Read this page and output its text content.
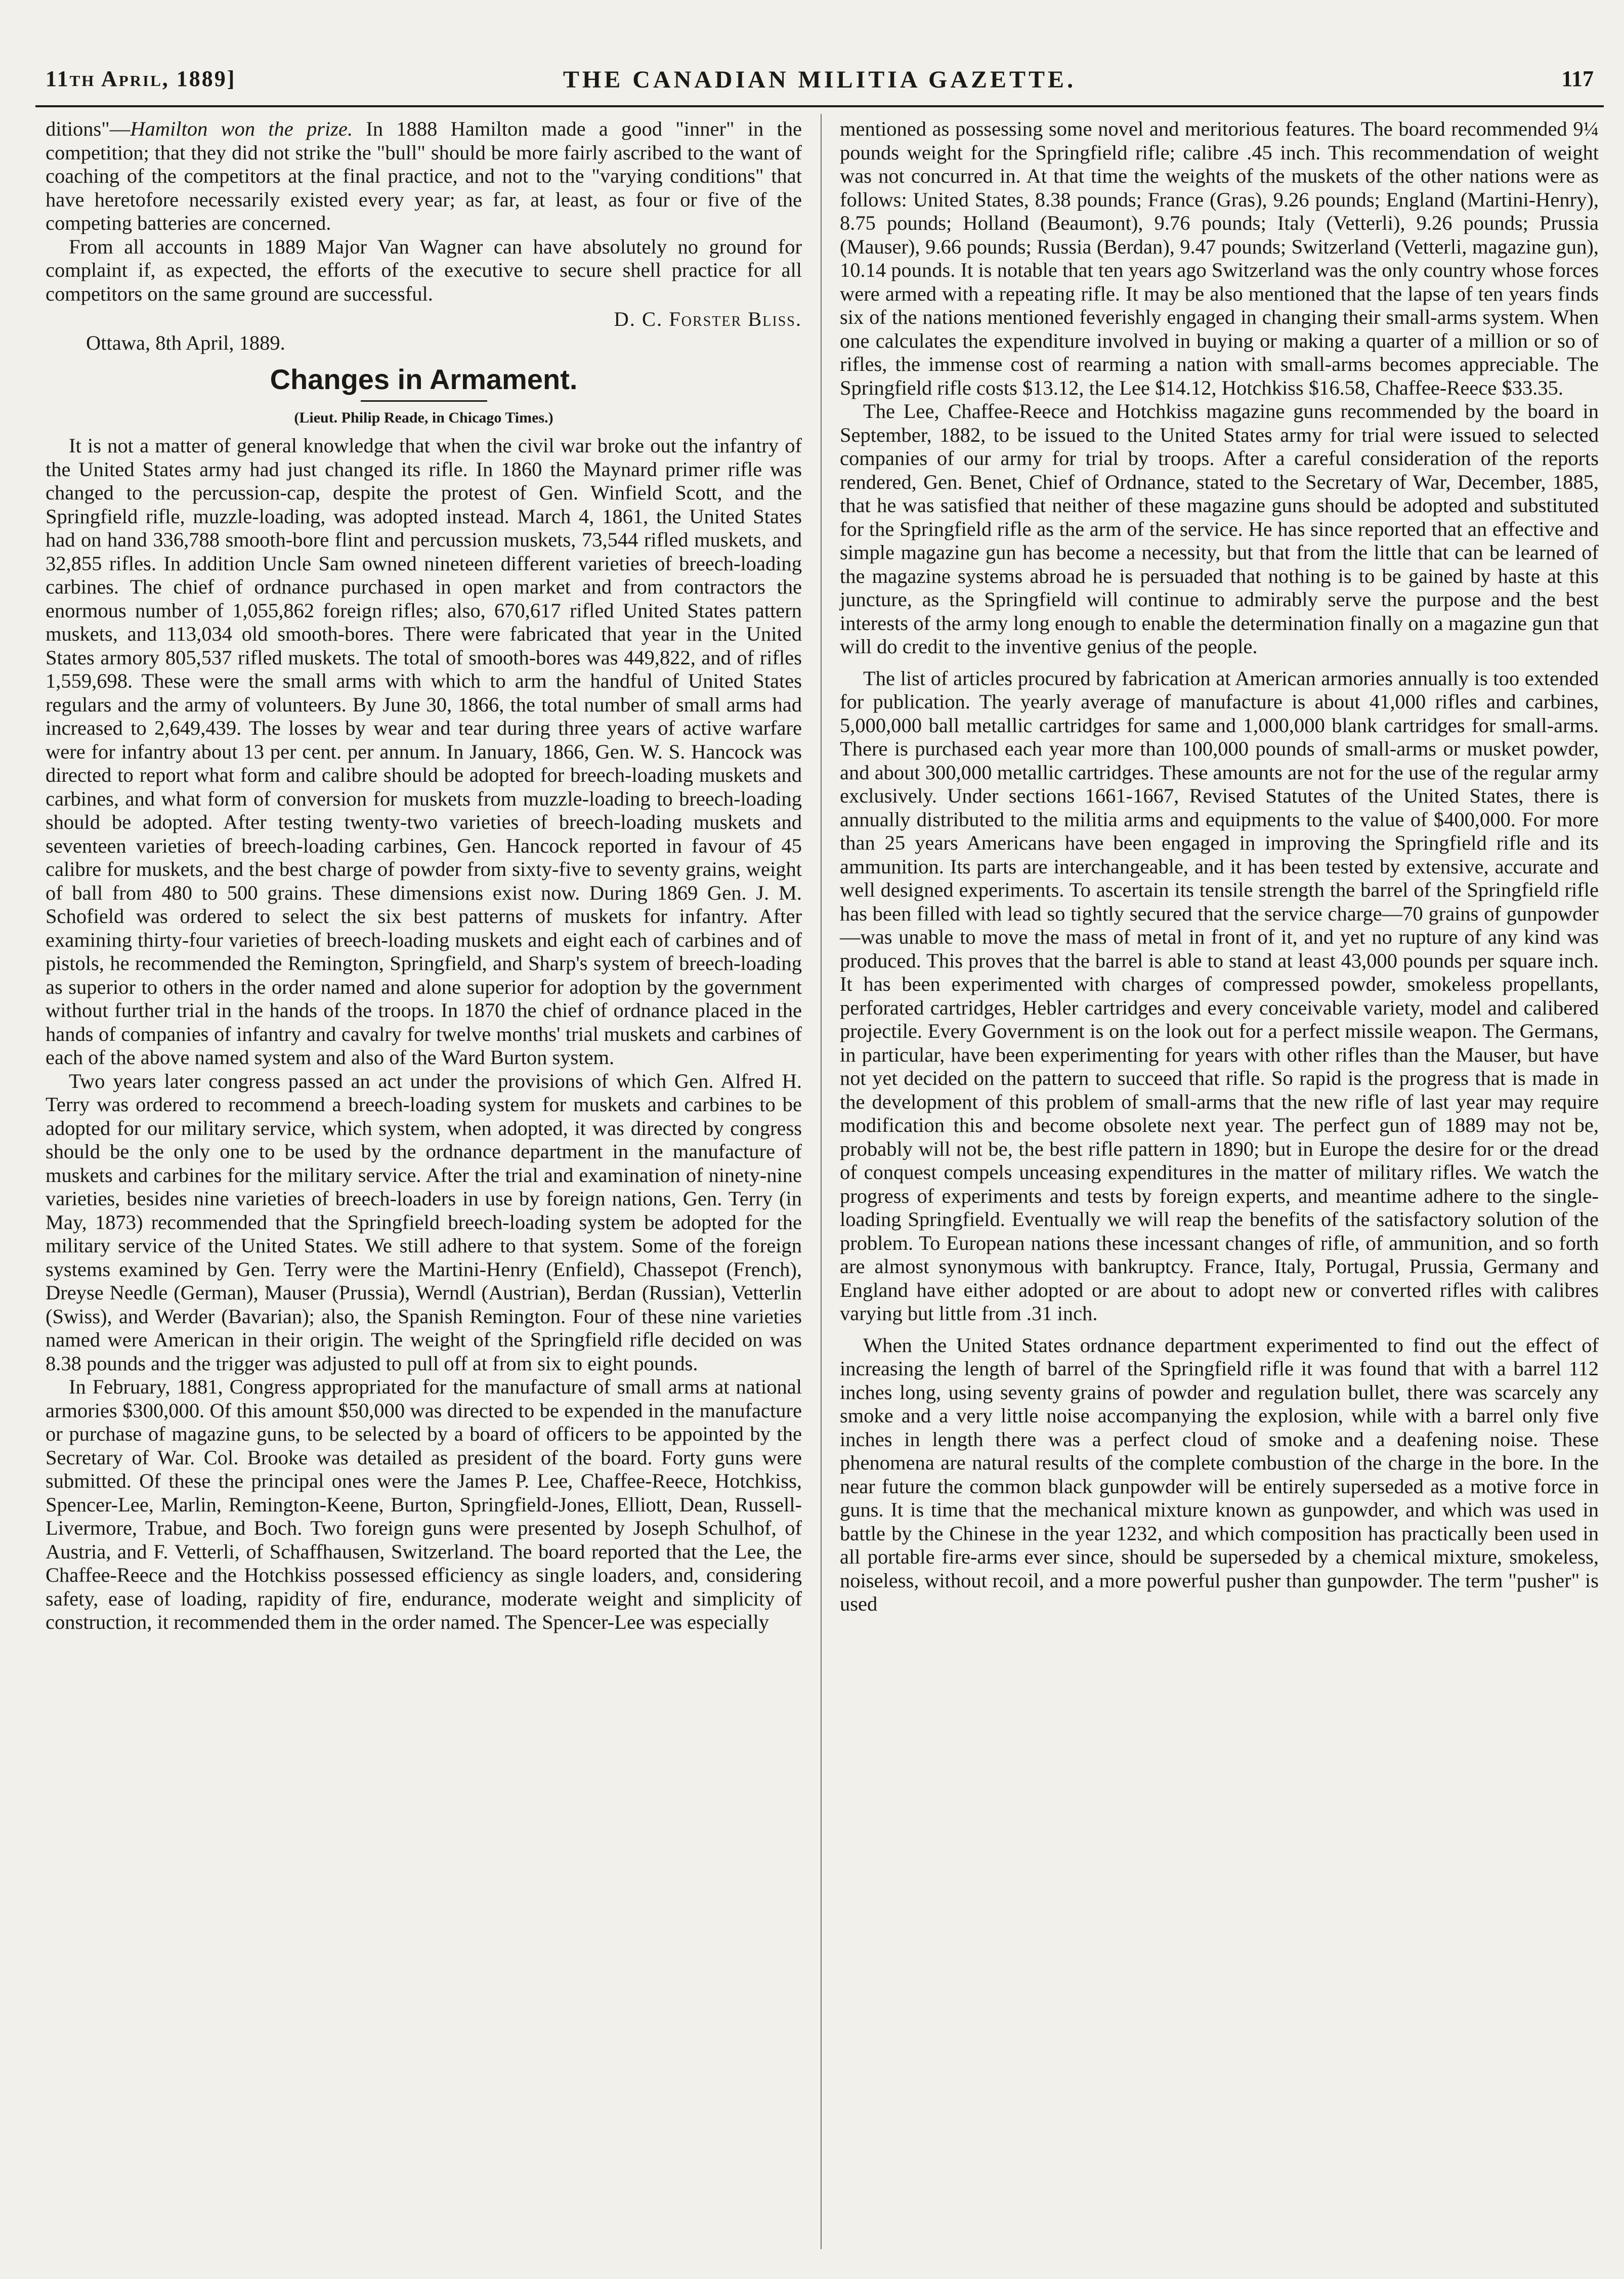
11th April, 1889]	THE CANADIAN MILITIA GAZETTE.	117

ditions"—Hamilton won the prize. In 1888 Hamilton made a good "inner" in the competition; that they did not strike the "bull" should be more fairly ascribed to the want of coaching of the competitors at the final practice, and not to the "varying conditions" that have heretofore necessarily existed every year; as far, at least, as four or five of the competing batteries are concerned.

From all accounts in 1889 Major Van Wagner can have absolutely no ground for complaint if, as expected, the efforts of the executive to secure shell practice for all competitors on the same ground are successful.

D. C. Forster Bliss.

Ottawa, 8th April, 1889.

Changes in Armament.
(Lieut. Philip Reade, in Chicago Times.)

It is not a matter of general knowledge that when the civil war broke out the infantry of the United States army had just changed its rifle. In 1860 the Maynard primer rifle was changed to the percussion-cap, despite the protest of Gen. Winfield Scott, and the Springfield rifle, muzzle-loading, was adopted instead. March 4, 1861, the United States had on hand 336,788 smooth-bore flint and percussion muskets, 73,544 rifled muskets, and 32,855 rifles. In addition Uncle Sam owned nineteen different varieties of breech-loading carbines. The chief of ordnance purchased in open market and from contractors the enormous number of 1,055,862 foreign rifles; also, 670,617 rifled United States pattern muskets, and 113,034 old smooth-bores. There were fabricated that year in the United States armory 805,537 rifled muskets. The total of smooth-bores was 449,822, and of rifles 1,559,698. These were the small arms with which to arm the handful of United States regulars and the army of volunteers. By June 30, 1866, the total number of small arms had increased to 2,649,439. The losses by wear and tear during three years of active warfare were for infantry about 13 per cent. per annum. In January, 1866, Gen. W. S. Hancock was directed to report what form and calibre should be adopted for breech-loading muskets and carbines, and what form of conversion for muskets from muzzle-loading to breech-loading should be adopted. After testing twenty-two varieties of breech-loading muskets and seventeen varieties of breech-loading carbines, Gen. Hancock reported in favour of 45 calibre for muskets, and the best charge of powder from sixty-five to seventy grains, weight of ball from 480 to 500 grains. These dimensions exist now. During 1869 Gen. J. M. Schofield was ordered to select the six best patterns of muskets for infantry. After examining thirty-four varieties of breech-loading muskets and eight each of carbines and of pistols, he recommended the Remington, Springfield, and Sharp's system of breech-loading as superior to others in the order named and alone superior for adoption by the government without further trial in the hands of the troops. In 1870 the chief of ordnance placed in the hands of companies of infantry and cavalry for twelve months' trial muskets and carbines of each of the above named system and also of the Ward Burton system.

Two years later congress passed an act under the provisions of which Gen. Alfred H. Terry was ordered to recommend a breech-loading system for muskets and carbines to be adopted for our military service, which system, when adopted, it was directed by congress should be the only one to be used by the ordnance department in the manufacture of muskets and carbines for the military service. After the trial and examination of ninety-nine varieties, besides nine varieties of breech-loaders in use by foreign nations, Gen. Terry (in May, 1873) recommended that the Springfield breech-loading system be adopted for the military service of the United States. We still adhere to that system. Some of the foreign systems examined by Gen. Terry were the Martini-Henry (Enfield), Chassepot (French), Dreyse Needle (German), Mauser (Prussia), Werndl (Austrian), Berdan (Russian), Vetterlin (Swiss), and Werder (Bavarian); also, the Spanish Remington. Four of these nine varieties named were American in their origin. The weight of the Springfield rifle decided on was 8.38 pounds and the trigger was adjusted to pull off at from six to eight pounds.

In February, 1881, Congress appropriated for the manufacture of small arms at national armories $300,000. Of this amount $50,000 was directed to be expended in the manufacture or purchase of magazine guns, to be selected by a board of officers to be appointed by the Secretary of War. Col. Brooke was detailed as president of the board. Forty guns were submitted. Of these the principal ones were the James P. Lee, Chaffee-Reece, Hotchkiss, Spencer-Lee, Marlin, Remington-Keene, Burton, Springfield-Jones, Elliott, Dean, Russell-Livermore, Trabue, and Boch. Two foreign guns were presented by Joseph Schulhof, of Austria, and F. Vetterli, of Schaffhausen, Switzerland. The board reported that the Lee, the Chaffee-Reece and the Hotchkiss possessed efficiency as single loaders, and, considering safety, ease of loading, rapidity of fire, endurance, moderate weight and simplicity of construction, it recommended them in the order named. The Spencer-Lee was especially

mentioned as possessing some novel and meritorious features. The board recommended 9¼ pounds weight for the Springfield rifle; calibre .45 inch. This recommendation of weight was not concurred in. At that time the weights of the muskets of the other nations were as follows: United States, 8.38 pounds; France (Gras), 9.26 pounds; England (Martini-Henry), 8.75 pounds; Holland (Beaumont), 9.76 pounds; Italy (Vetterli), 9.26 pounds; Prussia (Mauser), 9.66 pounds; Russia (Berdan), 9.47 pounds; Switzerland (Vetterli, magazine gun), 10.14 pounds. It is notable that ten years ago Switzerland was the only country whose forces were armed with a repeating rifle. It may be also mentioned that the lapse of ten years finds six of the nations mentioned feverishly engaged in changing their small-arms system. When one calculates the expenditure involved in buying or making a quarter of a million or so of rifles, the immense cost of rearming a nation with small-arms becomes appreciable. The Springfield rifle costs $13.12, the Lee $14.12, Hotchkiss $16.58, Chaffee-Reece $33.35.

The Lee, Chaffee-Reece and Hotchkiss magazine guns recommended by the board in September, 1882, to be issued to the United States army for trial were issued to selected companies of our army for trial by troops. After a careful consideration of the reports rendered, Gen. Benet, Chief of Ordnance, stated to the Secretary of War, December, 1885, that he was satisfied that neither of these magazine guns should be adopted and substituted for the Springfield rifle as the arm of the service. He has since reported that an effective and simple magazine gun has become a necessity, but that from the little that can be learned of the magazine systems abroad he is persuaded that nothing is to be gained by haste at this juncture, as the Springfield will continue to admirably serve the purpose and the best interests of the army long enough to enable the determination finally on a magazine gun that will do credit to the inventive genius of the people.

The list of articles procured by fabrication at American armories annually is too extended for publication. The yearly average of manufacture is about 41,000 rifles and carbines, 5,000,000 ball metallic cartridges for same and 1,000,000 blank cartridges for small-arms. There is purchased each year more than 100,000 pounds of small-arms or musket powder, and about 300,000 metallic cartridges. These amounts are not for the use of the regular army exclusively. Under sections 1661-1667, Revised Statutes of the United States, there is annually distributed to the militia arms and equipments to the value of $400,000. For more than 25 years Americans have been engaged in improving the Springfield rifle and its ammunition. Its parts are interchangeable, and it has been tested by extensive, accurate and well designed experiments. To ascertain its tensile strength the barrel of the Springfield rifle has been filled with lead so tightly secured that the service charge—70 grains of gunpowder—was unable to move the mass of metal in front of it, and yet no rupture of any kind was produced. This proves that the barrel is able to stand at least 43,000 pounds per square inch. It has been experimented with charges of compressed powder, smokeless propellants, perforated cartridges, Hebler cartridges and every conceivable variety, model and calibered projectile. Every Government is on the look out for a perfect missile weapon. The Germans, in particular, have been experimenting for years with other rifles than the Mauser, but have not yet decided on the pattern to succeed that rifle. So rapid is the progress that is made in the development of this problem of small-arms that the new rifle of last year may require modification this and become obsolete next year. The perfect gun of 1889 may not be, probably will not be, the best rifle pattern in 1890; but in Europe the desire for or the dread of conquest compels unceasing expenditures in the matter of military rifles. We watch the progress of experiments and tests by foreign experts, and meantime adhere to the single-loading Springfield. Eventually we will reap the benefits of the satisfactory solution of the problem. To European nations these incessant changes of rifle, of ammunition, and so forth are almost synonymous with bankruptcy. France, Italy, Portugal, Prussia, Germany and England have either adopted or are about to adopt new or converted rifles with calibres varying but little from .31 inch.

When the United States ordnance department experimented to find out the effect of increasing the length of barrel of the Springfield rifle it was found that with a barrel 112 inches long, using seventy grains of powder and regulation bullet, there was scarcely any smoke and a very little noise accompanying the explosion, while with a barrel only five inches in length there was a perfect cloud of smoke and a deafening noise. These phenomena are natural results of the complete combustion of the charge in the bore. In the near future the common black gunpowder will be entirely superseded as a motive force in guns. It is time that the mechanical mixture known as gunpowder, and which was used in battle by the Chinese in the year 1232, and which composition has practically been used in all portable fire-arms ever since, should be superseded by a chemical mixture, smokeless, noiseless, without recoil, and a more powerful pusher than gunpowder. The term "pusher" is used
